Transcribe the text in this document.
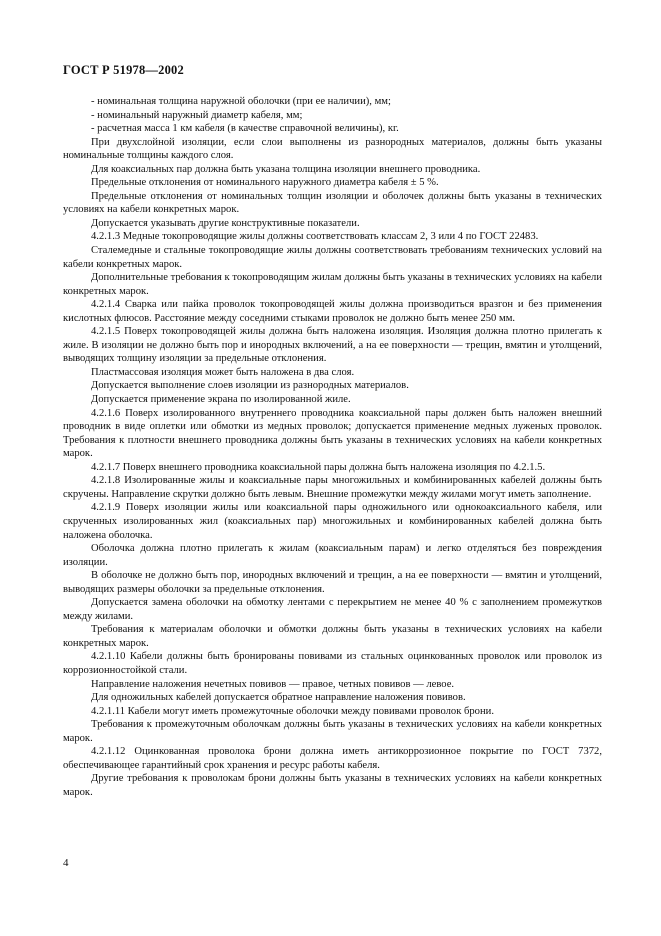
ГОСТ Р 51978—2002

- номинальная толщина наружной оболочки (при ее наличии), мм;

- номинальный наружный диаметр кабеля, мм;

- расчетная масса 1 км кабеля (в качестве справочной величины), кг.

При двухслойной изоляции, если слои выполнены из разнородных материалов, должны быть указаны номинальные толщины каждого слоя.

Для коаксиальных пар должна быть указана толщина изоляции внешнего проводника.

Предельные отклонения от номинального наружного диаметра кабеля ± 5 %.

Предельные отклонения от номинальных толщин изоляции и оболочек должны быть указаны в технических условиях на кабели конкретных марок.

Допускается указывать другие конструктивные показатели.

4.2.1.3 Медные токопроводящие жилы должны соответствовать классам 2, 3 или 4 по ГОСТ 22483.

Сталемедные и стальные токопроводящие жилы должны соответствовать требованиям технических условий на кабели конкретных марок.

Дополнительные требования к токопроводящим жилам должны быть указаны в технических условиях на кабели конкретных марок.

4.2.1.4 Сварка или пайка проволок токопроводящей жилы должна производиться вразгон и без применения кислотных флюсов. Расстояние между соседними стыками проволок не должно быть менее 250 мм.

4.2.1.5 Поверх токопроводящей жилы должна быть наложена изоляция. Изоляция должна плотно прилегать к жиле. В изоляции не должно быть пор и инородных включений, а на ее поверхности — трещин, вмятин и утолщений, выводящих толщину изоляции за предельные отклонения.

Пластмассовая изоляция может быть наложена в два слоя.

Допускается выполнение слоев изоляции из разнородных материалов.

Допускается применение экрана по изолированной жиле.

4.2.1.6 Поверх изолированного внутреннего проводника коаксиальной пары должен быть наложен внешний проводник в виде оплетки или обмотки из медных проволок; допускается применение медных луженых проволок. Требования к плотности внешнего проводника должны быть указаны в технических условиях на кабели конкретных марок.

4.2.1.7 Поверх внешнего проводника коаксиальной пары должна быть наложена изоляция по 4.2.1.5.

4.2.1.8 Изолированные жилы и коаксиальные пары многожильных и комбинированных кабелей должны быть скручены. Направление скрутки должно быть левым. Внешние промежутки между жилами могут иметь заполнение.

4.2.1.9 Поверх изоляции жилы или коаксиальной пары одножильного или однокоаксиального кабеля, или скрученных изолированных жил (коаксиальных пар) многожильных и комбинированных кабелей должна быть наложена оболочка.

Оболочка должна плотно прилегать к жилам (коаксиальным парам) и легко отделяться без повреждения изоляции.

В оболочке не должно быть пор, инородных включений и трещин, а на ее поверхности — вмятин и утолщений, выводящих размеры оболочки за предельные отклонения.

Допускается замена оболочки на обмотку лентами с перекрытием не менее 40 % с заполнением промежутков между жилами.

Требования к материалам оболочки и обмотки должны быть указаны в технических условиях на кабели конкретных марок.

4.2.1.10 Кабели должны быть бронированы повивами из стальных оцинкованных проволок или проволок из коррозионностойкой стали.

Направление наложения нечетных повивов — правое, четных повивов — левое.

Для одножильных кабелей допускается обратное направление наложения повивов.

4.2.1.11 Кабели могут иметь промежуточные оболочки между повивами проволок брони.

Требования к промежуточным оболочкам должны быть указаны в технических условиях на кабели конкретных марок.

4.2.1.12 Оцинкованная проволока брони должна иметь антикоррозионное покрытие по ГОСТ 7372, обеспечивающее гарантийный срок хранения и ресурс работы кабеля.

Другие требования к проволокам брони должны быть указаны в технических условиях на кабели конкретных марок.

4
